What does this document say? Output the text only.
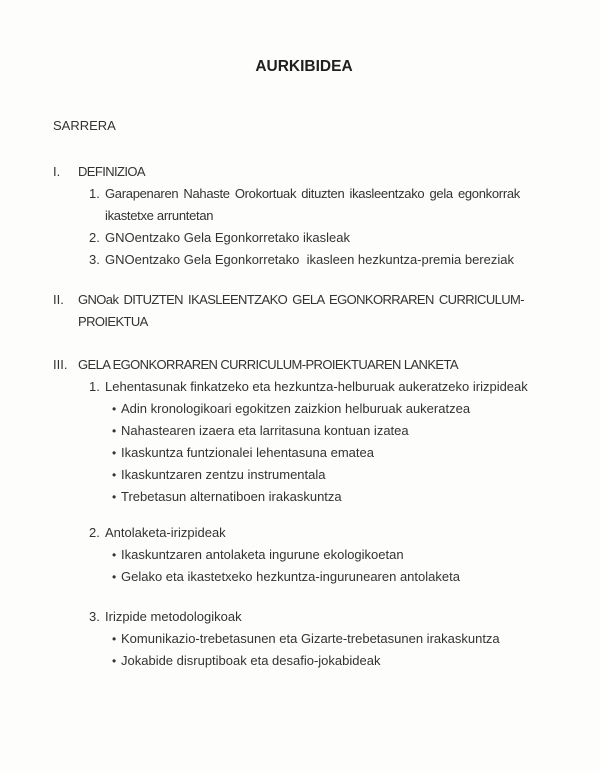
AURKIBIDEA
SARRERA
I.	DEFINIZIOA
1. Garapenaren Nahaste Orokortuak dituzten ikasleentzako gela egonkorrak ikastetxe arruntetan
2. GNOentzako Gela Egonkorretako ikasleak
3. GNOentzako Gela Egonkorretako  ikasleen hezkuntza-premia bereziak
II.	GNOak DITUZTEN IKASLEENTZAKO GELA EGONKORRAREN CURRICULUM-PROIEKTUA
III. GELA EGONKORRAREN CURRICULUM-PROIEKTUAREN LANKETA
1. Lehentasunak finkatzeko eta hezkuntza-helburuak aukeratzeko irizpideak
• Adin kronologikoari egokitzen zaizkion helburuak aukeratzea
• Nahastearen izaera eta larritasuna kontuan izatea
• Ikaskuntza funtzionalei lehentasuna ematea
• Ikaskuntzaren zentzu instrumentala
• Trebetasun alternatiboen irakaskuntza
2. Antolaketa-irizpideak
• Ikaskuntzaren antolaketa ingurune ekologikoetan
• Gelako eta ikastetxeko hezkuntza-ingurunearen antolaketa
3. Irizpide metodologikoak
• Komunikazio-trebetasunen eta Gizarte-trebetasunen irakaskuntza
• Jokabide disruptiboak eta desafio-jokabideak
